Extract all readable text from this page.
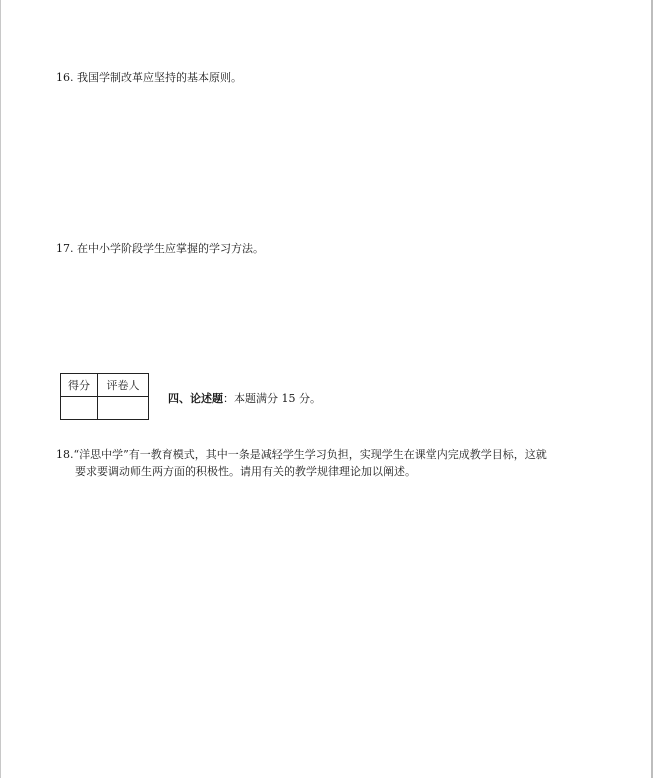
16. 我国学制改革应坚持的基本原则。
17. 在中小学阶段学生应掌握的学习方法。
得分	评卷人

四、论述题：本题满分 15 分。
18.“洋思中学”有一教育模式，其中一条是减轻学生学习负担，实现学生在课堂内完成教学目标，这就
要求要调动师生两方面的积极性。请用有关的教学规律理论加以阐述。
